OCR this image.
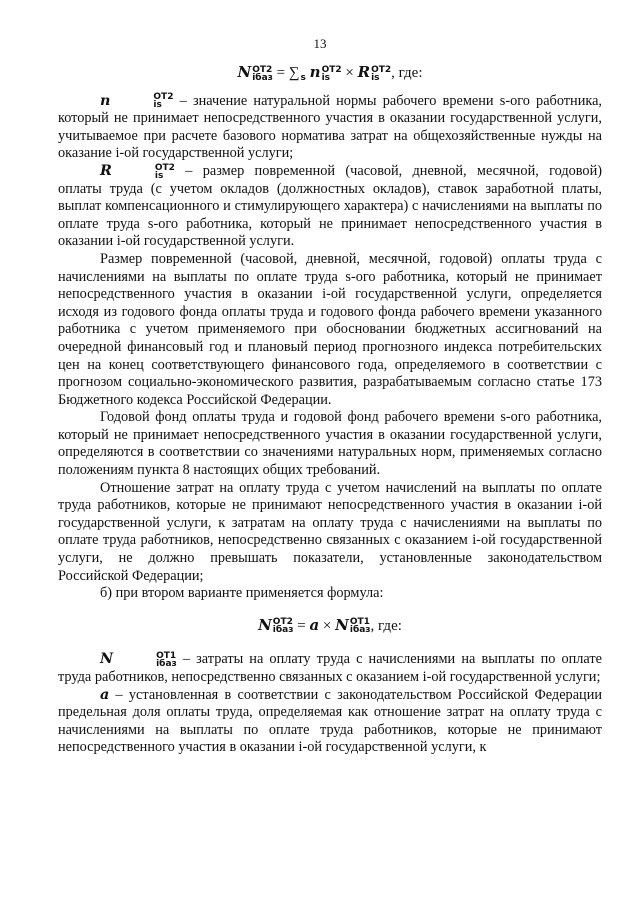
13

N ОТ2
iбаз = ∑
s n ОТ2
is × R ОТ2
is , где:

n	ОТ2
is – значение натуральной нормы рабочего времени s-ого работника, который не принимает непосредственного участия в оказании государственной услуги, учитываемое при расчете базового норматива затрат на общехозяйственные нужды на оказание i-ой государственной услуги;

R	ОТ2
is – размер повременной (часовой, дневной, месячной, годовой) оплаты труда (с учетом окладов (должностных окладов), ставок заработной платы, выплат компенсационного и стимулирующего характера) с начислениями на выплаты по оплате труда s-ого работника, который не принимает непосредственного участия в оказании i-ой государственной услуги.

Размер повременной (часовой, дневной, месячной, годовой) оплаты труда с начислениями на выплаты по оплате труда s-ого работника, который не принимает непосредственного участия в оказании i-ой государственной услуги, определяется исходя из годового фонда оплаты труда и годового фонда рабочего времени указанного работника с учетом применяемого при обосновании бюджетных ассигнований на очередной финансовый год и плановый период прогнозного индекса потребительских цен на конец соответствующего финансового года, определяемого в соответствии с прогнозом социально-экономического развития, разрабатываемым согласно статье 173 Бюджетного кодекса Российской Федерации.

Годовой фонд оплаты труда и годовой фонд рабочего времени s-ого работника, который не принимает непосредственного участия в оказании государственной услуги, определяются в соответствии со значениями натуральных норм, применяемых согласно положениям пункта 8 настоящих общих требований.

Отношение затрат на оплату труда с учетом начислений на выплаты по оплате труда работников, которые не принимают непосредственного участия в оказании i-ой государственной услуги, к затратам на оплату труда с начислениями на выплаты по оплате труда работников, непосредственно связанных с оказанием i-ой государственной услуги, не должно превышать показатели, установленные законодательством Российской Федерации;

б) при втором варианте применяется формула:

N ОТ2
iбаз = a × N ОТ1
iбаз , где:

N	ОТ1
iбаз – затраты на оплату труда с начислениями на выплаты по оплате труда работников, непосредственно связанных с оказанием i-ой государственной услуги;

a – установленная в соответствии с законодательством Российской Федерации предельная доля оплаты труда, определяемая как отношение затрат на оплату труда с начислениями на выплаты по оплате труда работников, которые не принимают непосредственного участия в оказании i-ой государственной услуги, к
